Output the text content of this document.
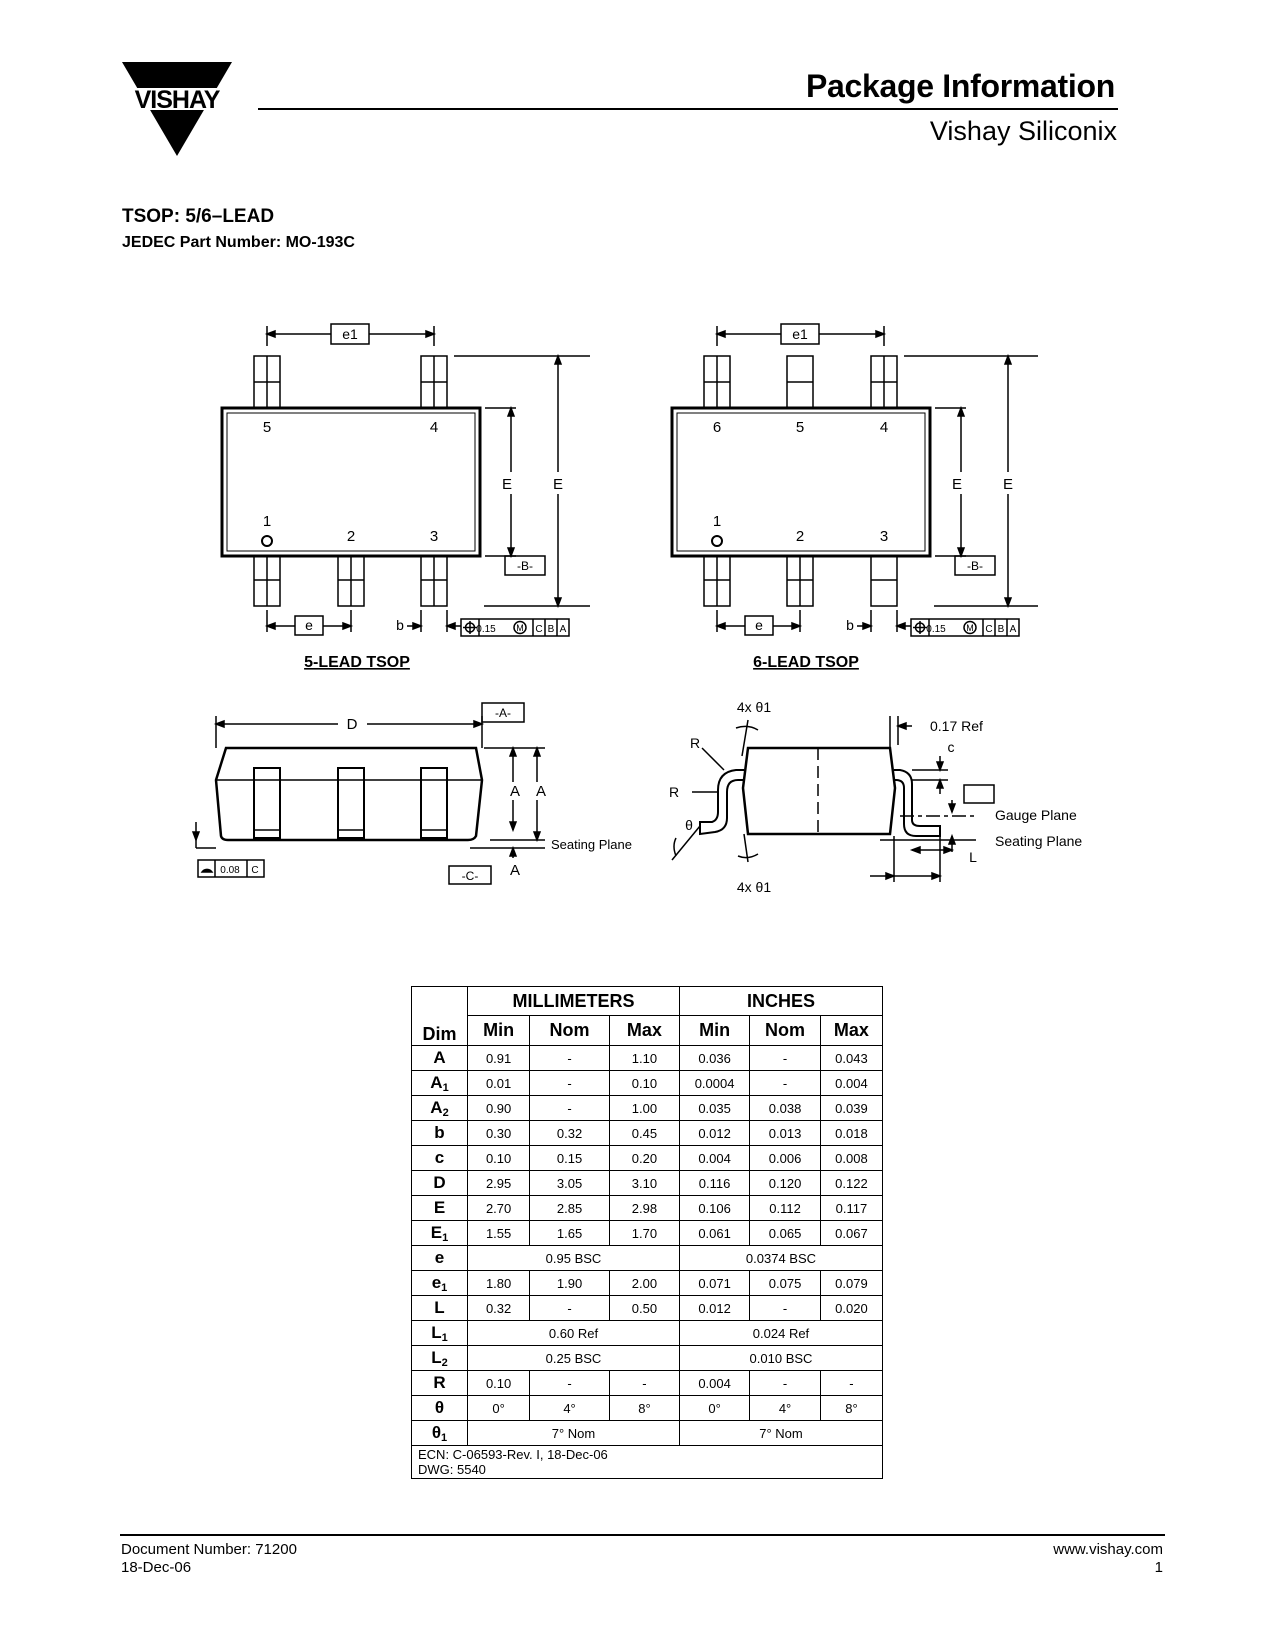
VISHAY	Package Information
Vishay Siliconix
TSOP: 5/6–LEAD
JEDEC Part Number: MO-193C
5	4
1
2	3
e1
e	b
E	E
-B-
0.15 M C B A
5-LEAD TSOP
6	5	4
1
2	3
e1
e	b
E	E
-B-
0.15 M C B A
6-LEAD TSOP
D
-A-
A A
Seating Plane
-C- A
0.08 C
4x θ1
4x θ1
R
R
θ
0.17 Ref
c
Gauge Plane
Seating Plane
L
Dim	MILLIMETERS			INCHES		
	Min	Nom	Max	Min	Nom	Max
A	0.91	-	1.10	0.036	-	0.043
$A_1$	0.01	-	0.10	0.0004	-	0.004
$A_2$	0.90	-	1.00	0.035	0.038	0.039
b	0.30	0.32	0.45	0.012	0.013	0.018
c	0.10	0.15	0.20	0.004	0.006	0.008
D	2.95	3.05	3.10	0.116	0.120	0.122
E	2.70	2.85	2.98	0.106	0.112	0.117
$E_1$	1.55	1.65	1.70	0.061	0.065	0.067
e	0.95 BSC			0.0374 BSC		
$e_1$	1.80	1.90	2.00	0.071	0.075	0.079
L	0.32	-	0.50	0.012	-	0.020
$L_1$	0.60 Ref			0.024 Ref		
$L_2$	0.25 BSC			0.010 BSC		
R	0.10	-	-	0.004	-	-
θ	0°	4°	8°	0°	4°	8°
$\theta_1$	7° Nom			7° Nom		

ECN: C-06593-Rev. I, 18-Dec-06
DWG: 5540						
Document Number: 71200
18-Dec-06
www.vishay.com
1
